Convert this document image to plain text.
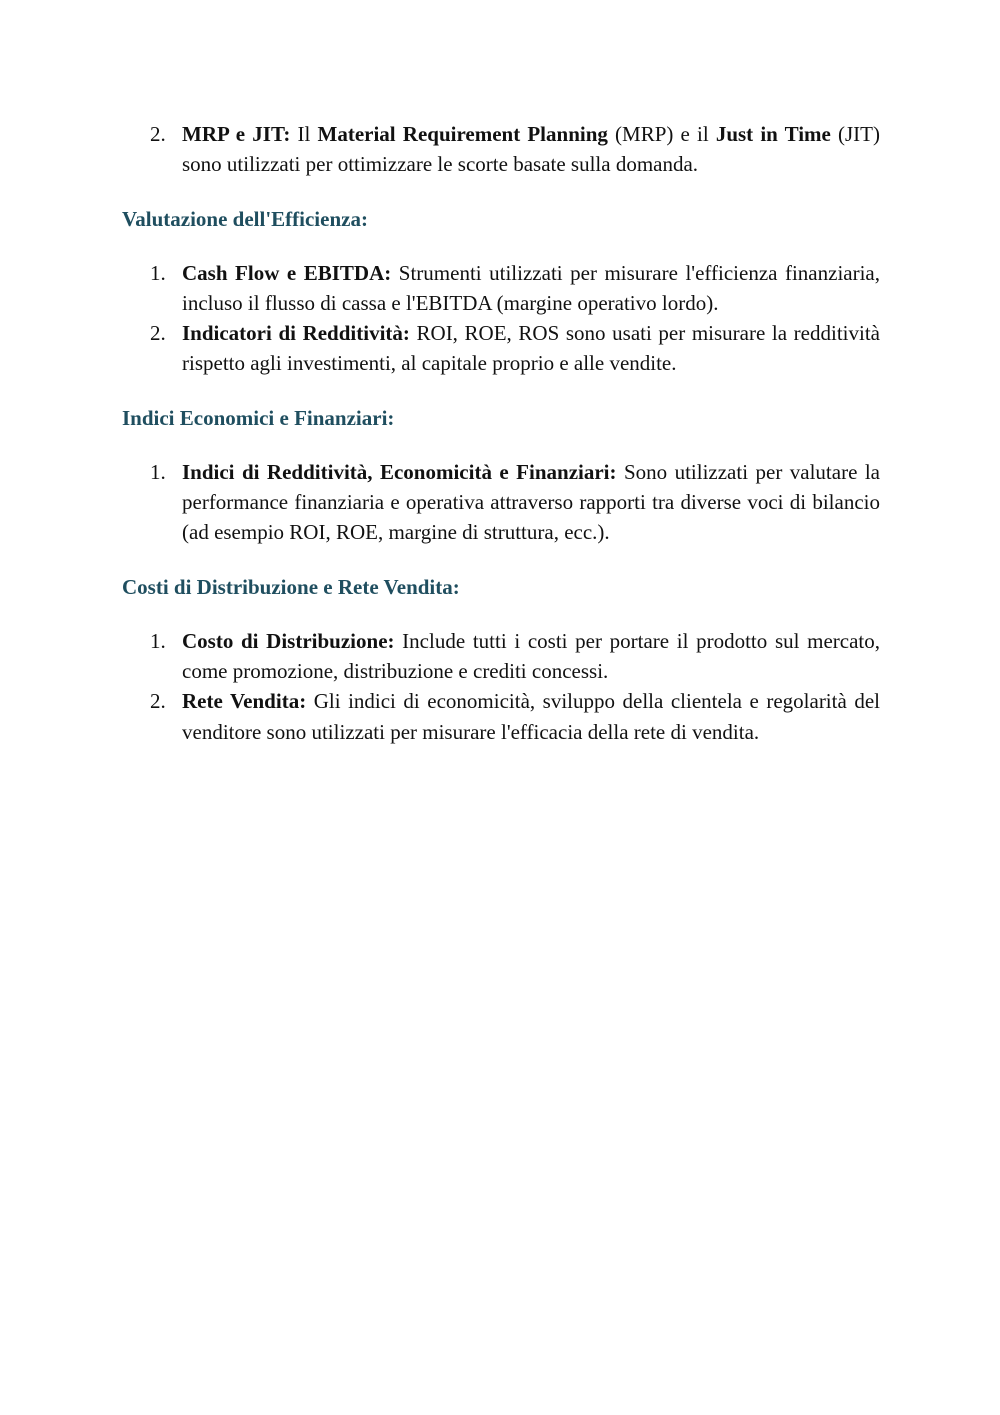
2. MRP e JIT: Il Material Requirement Planning (MRP) e il Just in Time (JIT) sono utilizzati per ottimizzare le scorte basate sulla domanda.
Valutazione dell'Efficienza:
1. Cash Flow e EBITDA: Strumenti utilizzati per misurare l'efficienza finanziaria, incluso il flusso di cassa e l'EBITDA (margine operativo lordo).
2. Indicatori di Redditività: ROI, ROE, ROS sono usati per misurare la redditività rispetto agli investimenti, al capitale proprio e alle vendite.
Indici Economici e Finanziari:
1. Indici di Redditività, Economicità e Finanziari: Sono utilizzati per valutare la performance finanziaria e operativa attraverso rapporti tra diverse voci di bilancio (ad esempio ROI, ROE, margine di struttura, ecc.).
Costi di Distribuzione e Rete Vendita:
1. Costo di Distribuzione: Include tutti i costi per portare il prodotto sul mercato, come promozione, distribuzione e crediti concessi.
2. Rete Vendita: Gli indici di economicità, sviluppo della clientela e regolarità del venditore sono utilizzati per misurare l'efficacia della rete di vendita.
